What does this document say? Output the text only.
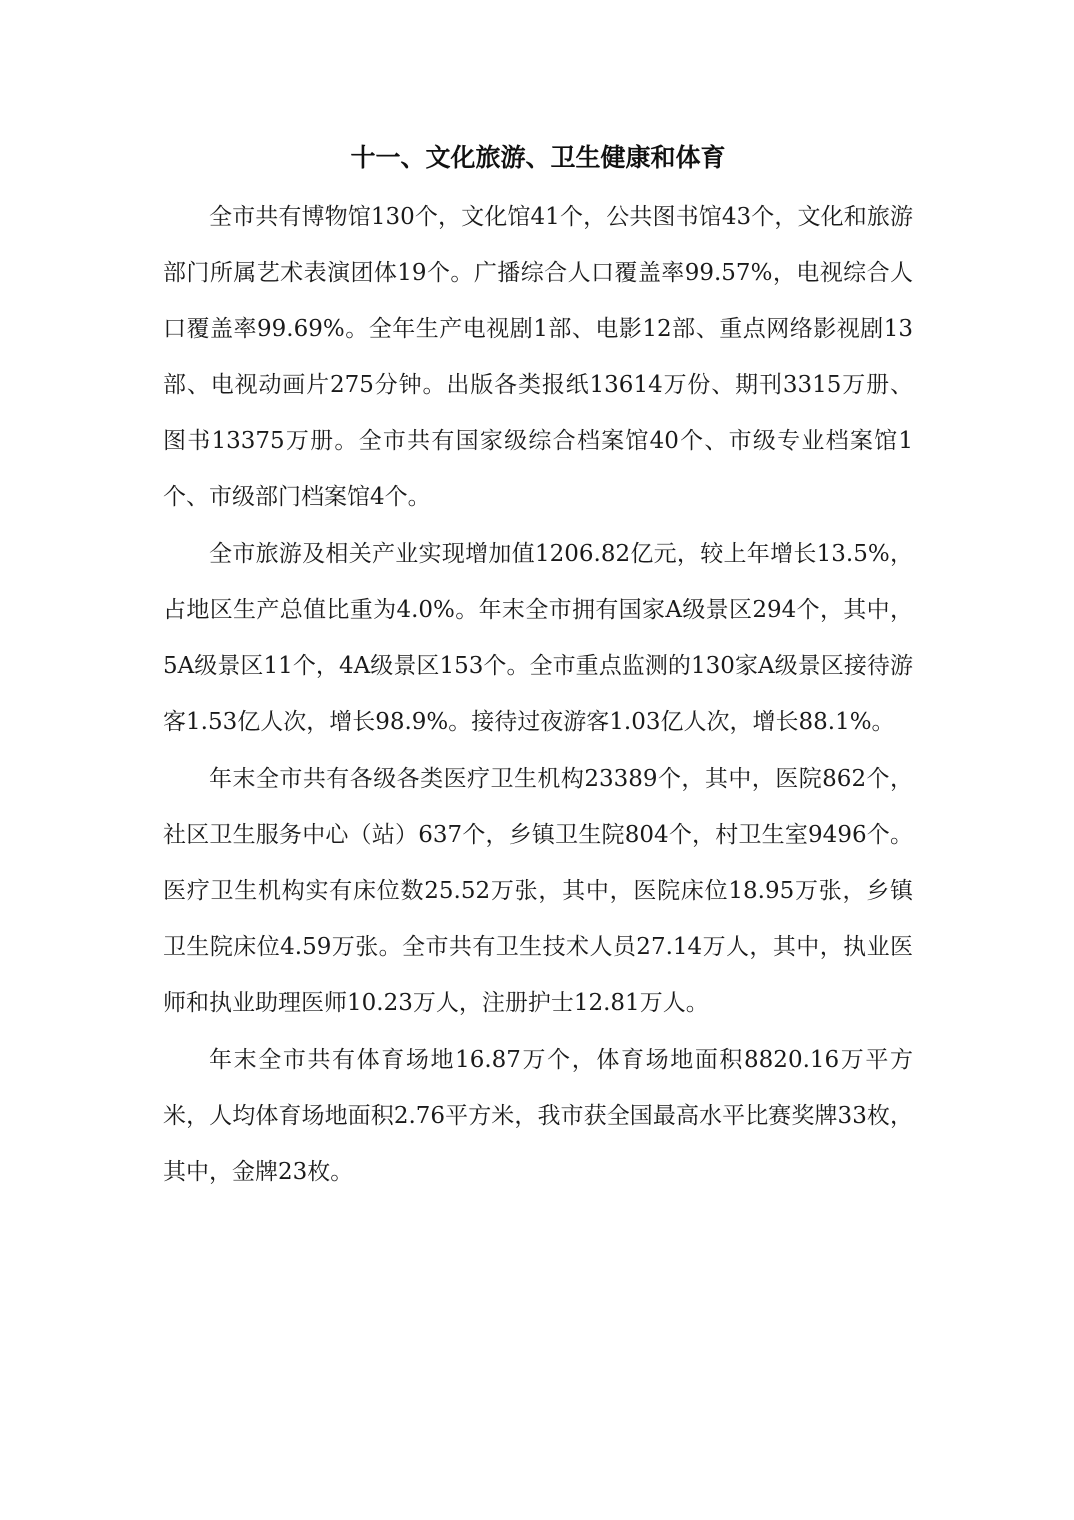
十一、文化旅游、卫生健康和体育

全市共有博物馆130个，文化馆41个，公共图书馆43个，文化和旅游部门所属艺术表演团体19个。广播综合人口覆盖率99.57%，电视综合人口覆盖率99.69%。全年生产电视剧1部、电影12部、重点网络影视剧13部、电视动画片275分钟。出版各类报纸13614万份、期刊3315万册、图书13375万册。全市共有国家级综合档案馆40个、市级专业档案馆1个、市级部门档案馆4个。

全市旅游及相关产业实现增加值1206.82亿元，较上年增长13.5%，占地区生产总值比重为4.0%。年末全市拥有国家A级景区294个，其中，5A级景区11个，4A级景区153个。全市重点监测的130家A级景区接待游客1.53亿人次，增长98.9%。接待过夜游客1.03亿人次，增长88.1%。

年末全市共有各级各类医疗卫生机构23389个，其中，医院862个，社区卫生服务中心（站）637个，乡镇卫生院804个，村卫生室9496个。医疗卫生机构实有床位数25.52万张，其中，医院床位18.95万张，乡镇卫生院床位4.59万张。全市共有卫生技术人员27.14万人，其中，执业医师和执业助理医师10.23万人，注册护士12.81万人。

年末全市共有体育场地16.87万个，体育场地面积8820.16万平方米，人均体育场地面积2.76平方米，我市获全国最高水平比赛奖牌33枚，其中，金牌23枚。
